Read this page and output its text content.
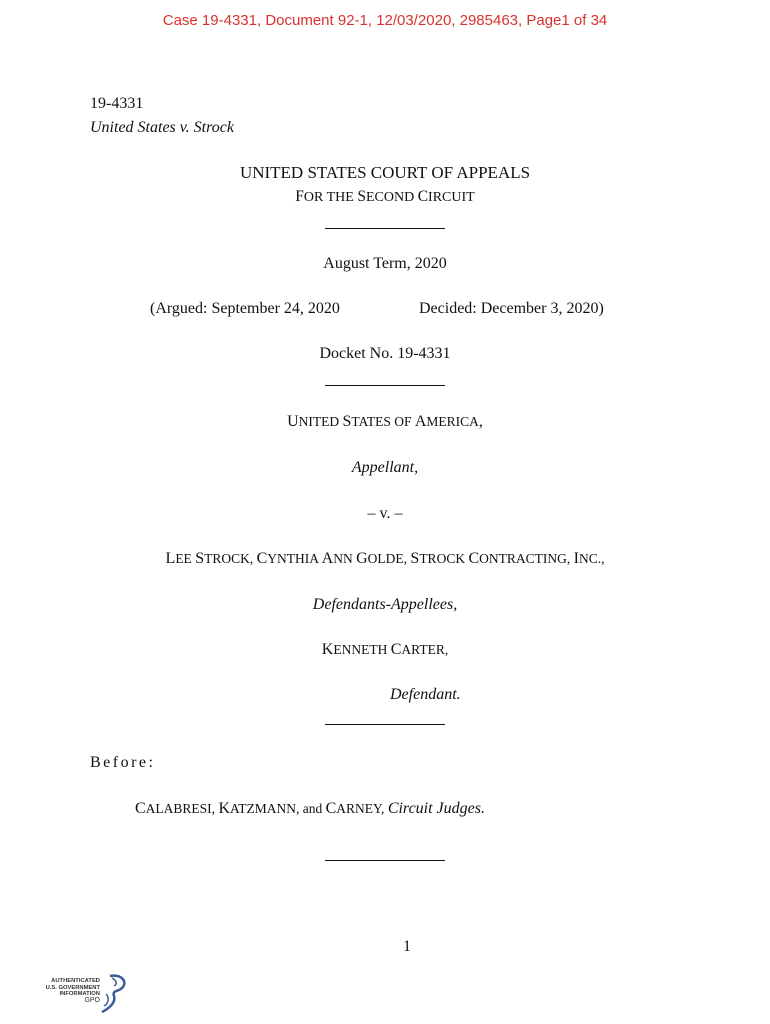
Case 19-4331, Document 92-1, 12/03/2020, 2985463, Page1 of 34
19-4331
United States v. Strock
UNITED STATES COURT OF APPEALS
FOR THE SECOND CIRCUIT
August Term, 2020
(Argued: September 24, 2020	Decided: December 3, 2020)
Docket No. 19-4331
UNITED STATES OF AMERICA,
Appellant,
– v. –
LEE STROCK, CYNTHIA ANN GOLDE, STROCK CONTRACTING, INC.,
Defendants-Appellees,
KENNETH CARTER,
Defendant.
Before:
CALABRESI, KATZMANN, and CARNEY, Circuit Judges.
1
AUTHENTICATED
U.S. GOVERNMENT
INFORMATION
GPO
